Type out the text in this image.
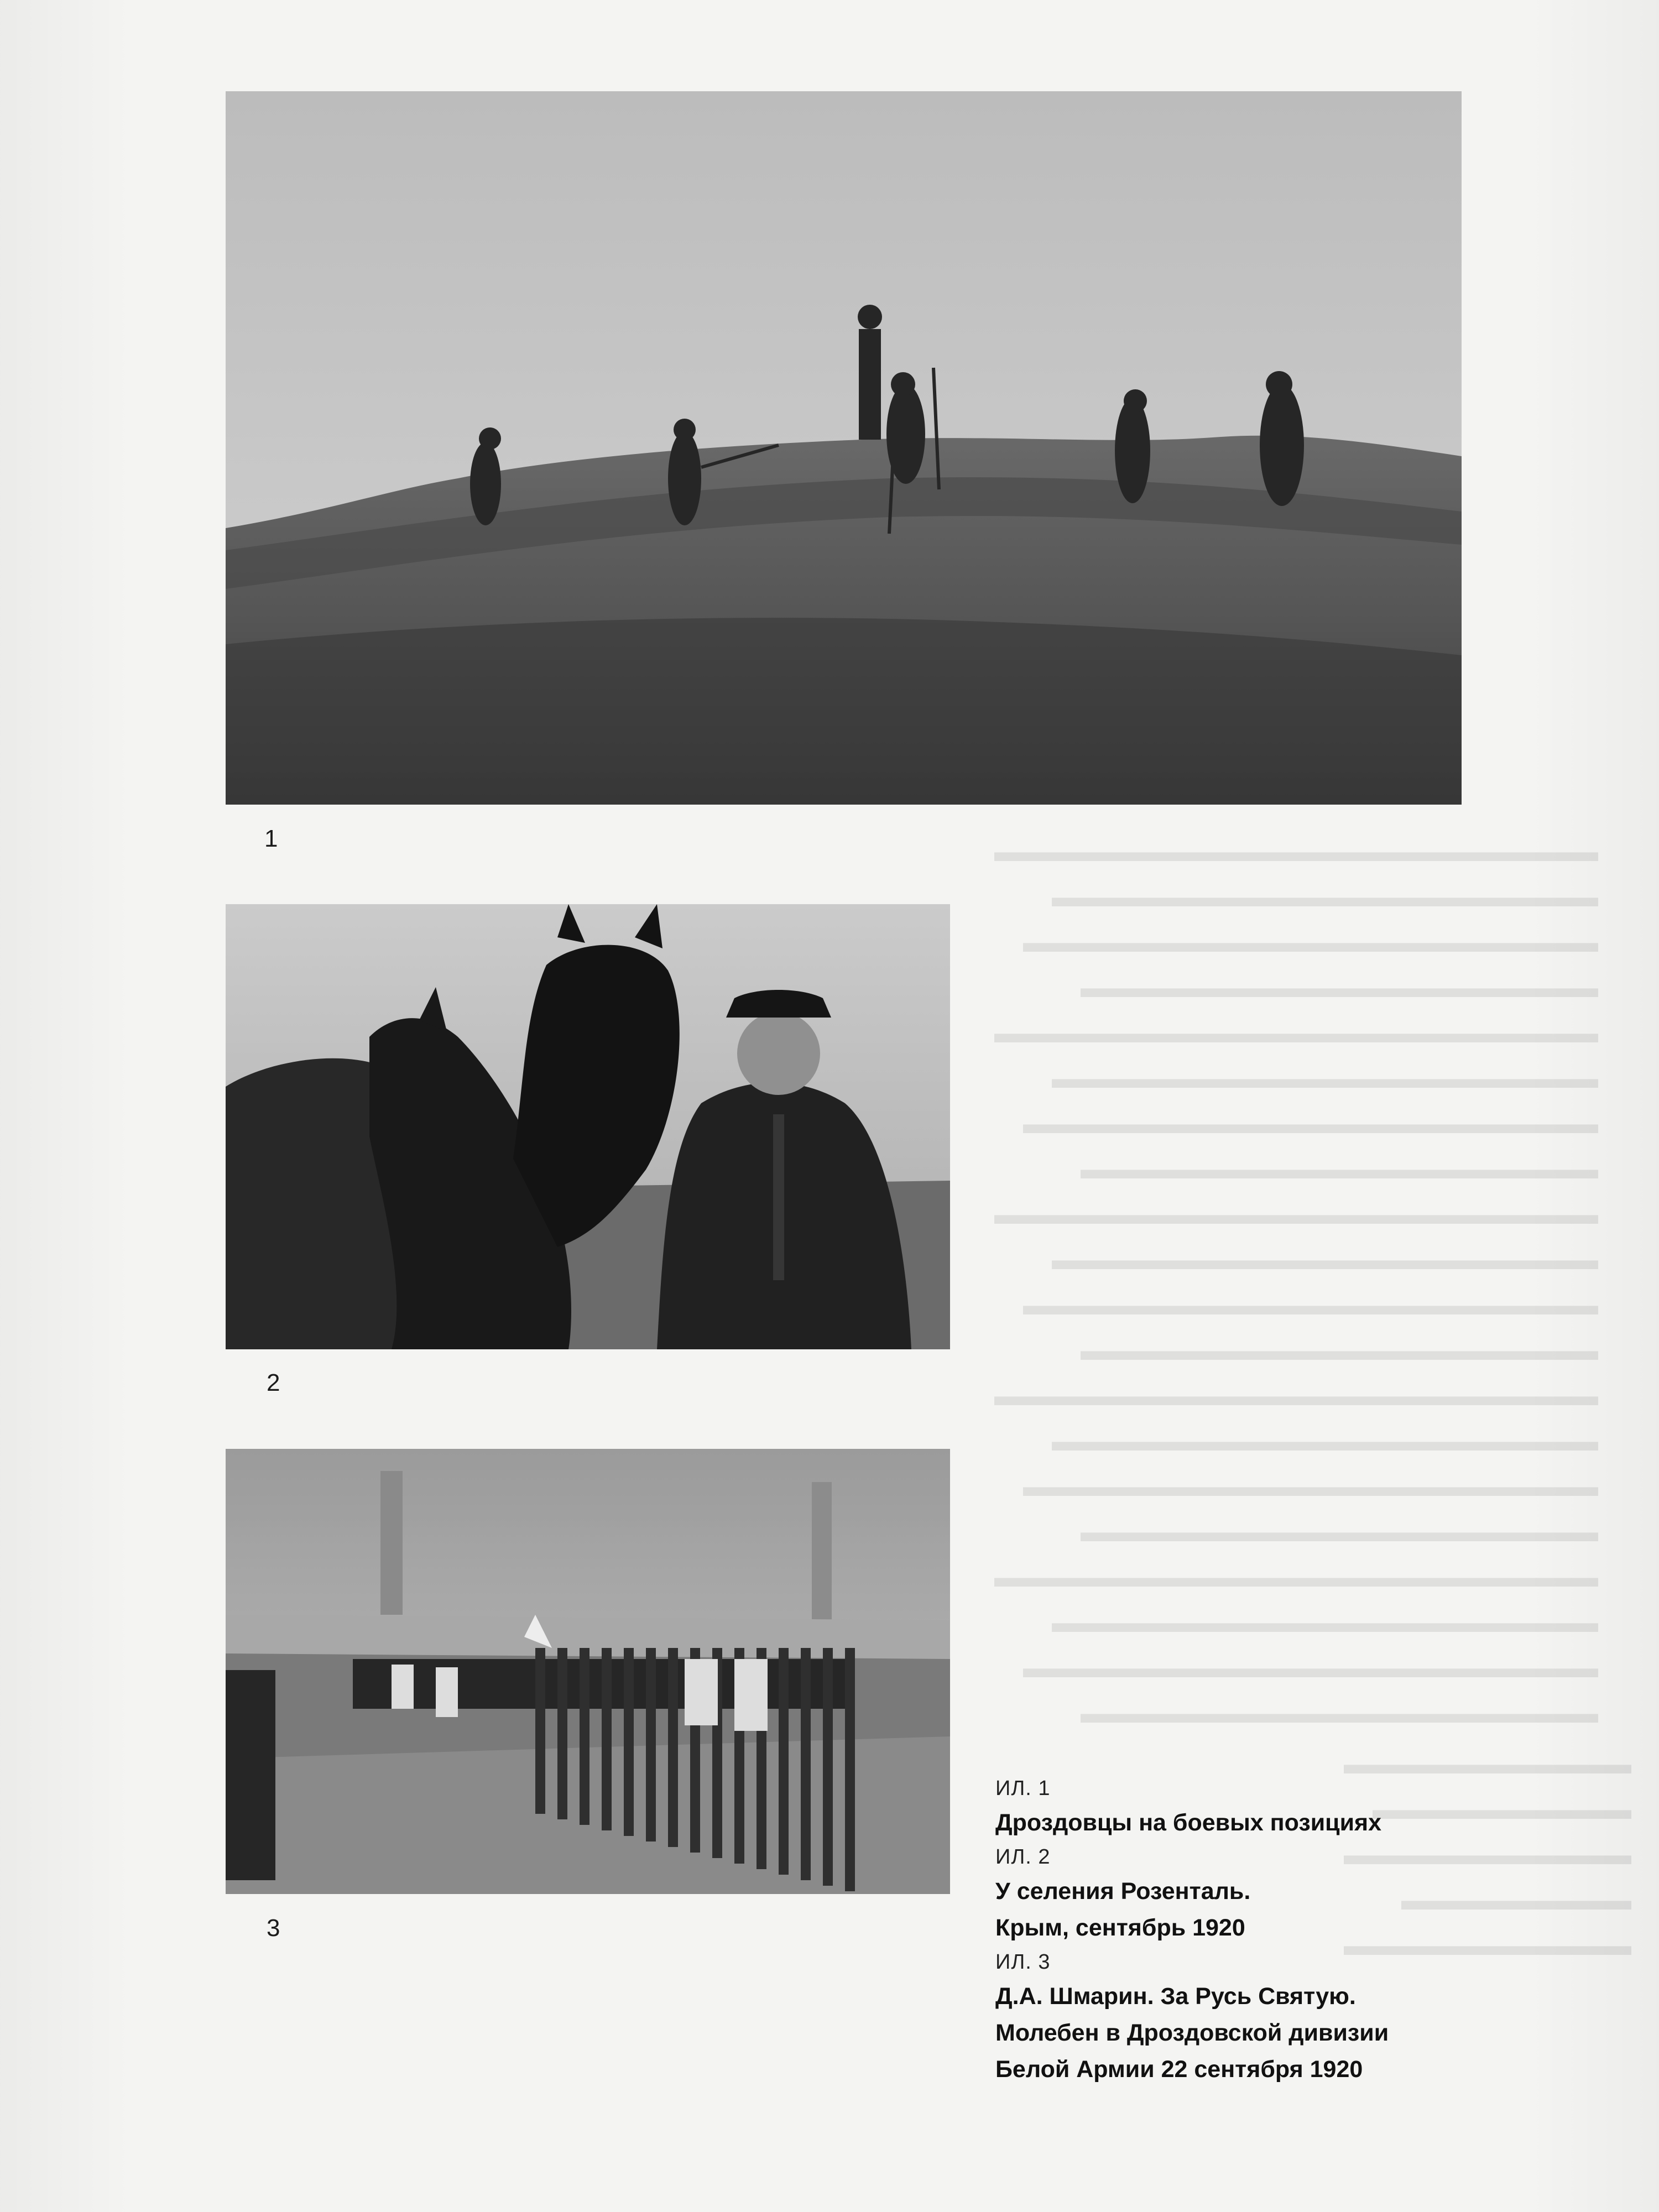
▬▬▬▬▬▬▬▬▬▬▬▬▬▬▬▬▬▬▬▬▬
▬▬▬▬▬▬▬▬▬▬▬▬▬▬▬▬▬▬▬
▬▬▬▬▬▬▬▬▬▬▬▬▬▬▬▬▬▬▬▬
▬▬▬▬▬▬▬▬▬▬▬▬▬▬▬▬▬▬
▬▬▬▬▬▬▬▬▬▬▬▬▬▬▬▬▬▬▬▬▬
▬▬▬▬▬▬▬▬▬▬▬▬▬▬▬▬▬▬▬
▬▬▬▬▬▬▬▬▬▬▬▬▬▬▬▬▬▬▬▬
▬▬▬▬▬▬▬▬▬▬▬▬▬▬▬▬▬▬
▬▬▬▬▬▬▬▬▬▬▬▬▬▬▬▬▬▬▬▬▬
▬▬▬▬▬▬▬▬▬▬▬▬▬▬▬▬▬▬▬
▬▬▬▬▬▬▬▬▬▬▬▬▬▬▬▬▬▬▬▬
▬▬▬▬▬▬▬▬▬▬▬▬▬▬▬▬▬▬
▬▬▬▬▬▬▬▬▬▬▬▬▬▬▬▬▬▬▬▬▬
▬▬▬▬▬▬▬▬▬▬▬▬▬▬▬▬▬▬▬
▬▬▬▬▬▬▬▬▬▬▬▬▬▬▬▬▬▬▬▬
▬▬▬▬▬▬▬▬▬▬▬▬▬▬▬▬▬▬
▬▬▬▬▬▬▬▬▬▬▬▬▬▬▬▬▬▬▬▬▬
▬▬▬▬▬▬▬▬▬▬▬▬▬▬▬▬▬▬▬
▬▬▬▬▬▬▬▬▬▬▬▬▬▬▬▬▬▬▬▬
▬▬▬▬▬▬▬▬▬▬▬▬▬▬▬▬▬▬
1
2
3
▬▬▬▬▬▬▬▬▬▬
▬▬▬▬▬▬▬▬▬
▬▬▬▬▬▬▬▬▬▬
▬▬▬▬▬▬▬▬
▬▬▬▬▬▬▬▬▬▬
ИЛ. 1
Дроздовцы на боевых позициях
ИЛ. 2
У селения Розенталь.
Крым, сентябрь 1920
ИЛ. 3
Д.А. Шмарин. За Русь Святую.
Молебен в Дроздовской дивизии
Белой Армии 22 сентября 1920
